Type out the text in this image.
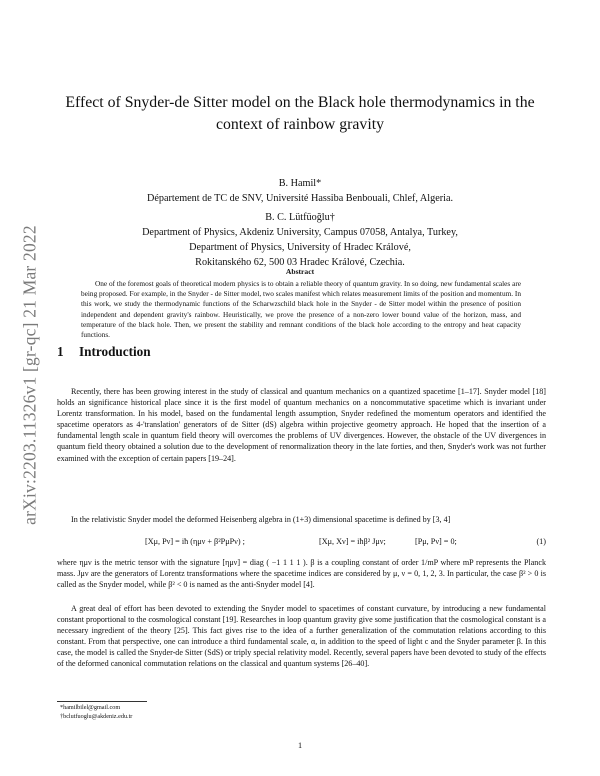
arXiv:2203.11326v1 [gr-qc] 21 Mar 2022
Effect of Snyder-de Sitter model on the Black hole thermodynamics in the context of rainbow gravity
B. Hamil*
Département de TC de SNV, Université Hassiba Benbouali, Chlef, Algeria.
B. C. Lütfüoğlu†
Department of Physics, Akdeniz University, Campus 07058, Antalya, Turkey,
Department of Physics, University of Hradec Králové,
Rokitanského 62, 500 03 Hradec Králové, Czechia.
Abstract
One of the foremost goals of theoretical modern physics is to obtain a reliable theory of quantum gravity. In so doing, new fundamental scales are being proposed. For example, in the Snyder - de Sitter model, two scales manifest which relates measurement limits of the position and momentum. In this work, we study the thermodynamic functions of the Scharwzschild black hole in the Snyder - de Sitter model within the presence of position independent and dependent gravity's rainbow. Heuristically, we prove the presence of a non-zero lower bound value of the horizon, mass, and temperature of the black hole. Then, we present the stability and remnant conditions of the black hole according to the entropy and heat capacity functions.
1 Introduction
Recently, there has been growing interest in the study of classical and quantum mechanics on a quantized spacetime [1–17]. Snyder model [18] holds an significance historical place since it is the first model of quantum mechanics on a noncommutative spacetime which is invariant under Lorentz transformation. In his model, based on the fundamental length assumption, Snyder redefined the momentum operators and identified the spacetime operators as 4-'translation' generators of de Sitter (dS) algebra within projective geometry approach. He hoped that the insertion of a fundamental length scale in quantum field theory will overcomes the problems of UV divergences. However, the obstacle of the UV divergences in quantum field theory obtained a solution due to the development of renormalization theory in the late forties, and then, Snyder's work was not further examined with the exception of certain papers [19–24].
In the relativistic Snyder model the deformed Heisenberg algebra in (1+3) dimensional spacetime is defined by [3, 4]
[Xμ, Pν] = iħ (ημν + β²PμPν) ;	[Xμ, Xν] = iħβ² Jμν;	[Pμ, Pν] = 0;	(1)
where ημν is the metric tensor with the signature [ημν] = diag ( −1 1 1 1 ). β is a coupling constant of order 1/mP where mP represents the Planck mass. Jμν are the generators of Lorentz transformations where the spacetime indices are considered by μ, ν = 0, 1, 2, 3. In particular, the case β² > 0 is called as the Snyder model, while β² < 0 is named as the anti-Snyder model [4].
A great deal of effort has been devoted to extending the Snyder model to spacetimes of constant curvature, by introducing a new fundamental constant proportional to the cosmological constant [19]. Researches in loop quantum gravity give some justification that the cosmological constant is a necessary ingredient of the theory [25]. This fact gives rise to the idea of a further generalization of the commutation relations according to this constant. From that perspective, one can introduce a third fundamental scale, α, in addition to the speed of light c and the Snyder parameter β. In this case, the model is called the Snyder-de Sitter (SdS) or triply special relativity model. Recently, several papers have been devoted to study of the effects of the deformed canonical commutation relations on the classical and quantum systems [26–40].
*hamilbilel@gmail.com
†bclutfuoglu@akdeniz.edu.tr
1
